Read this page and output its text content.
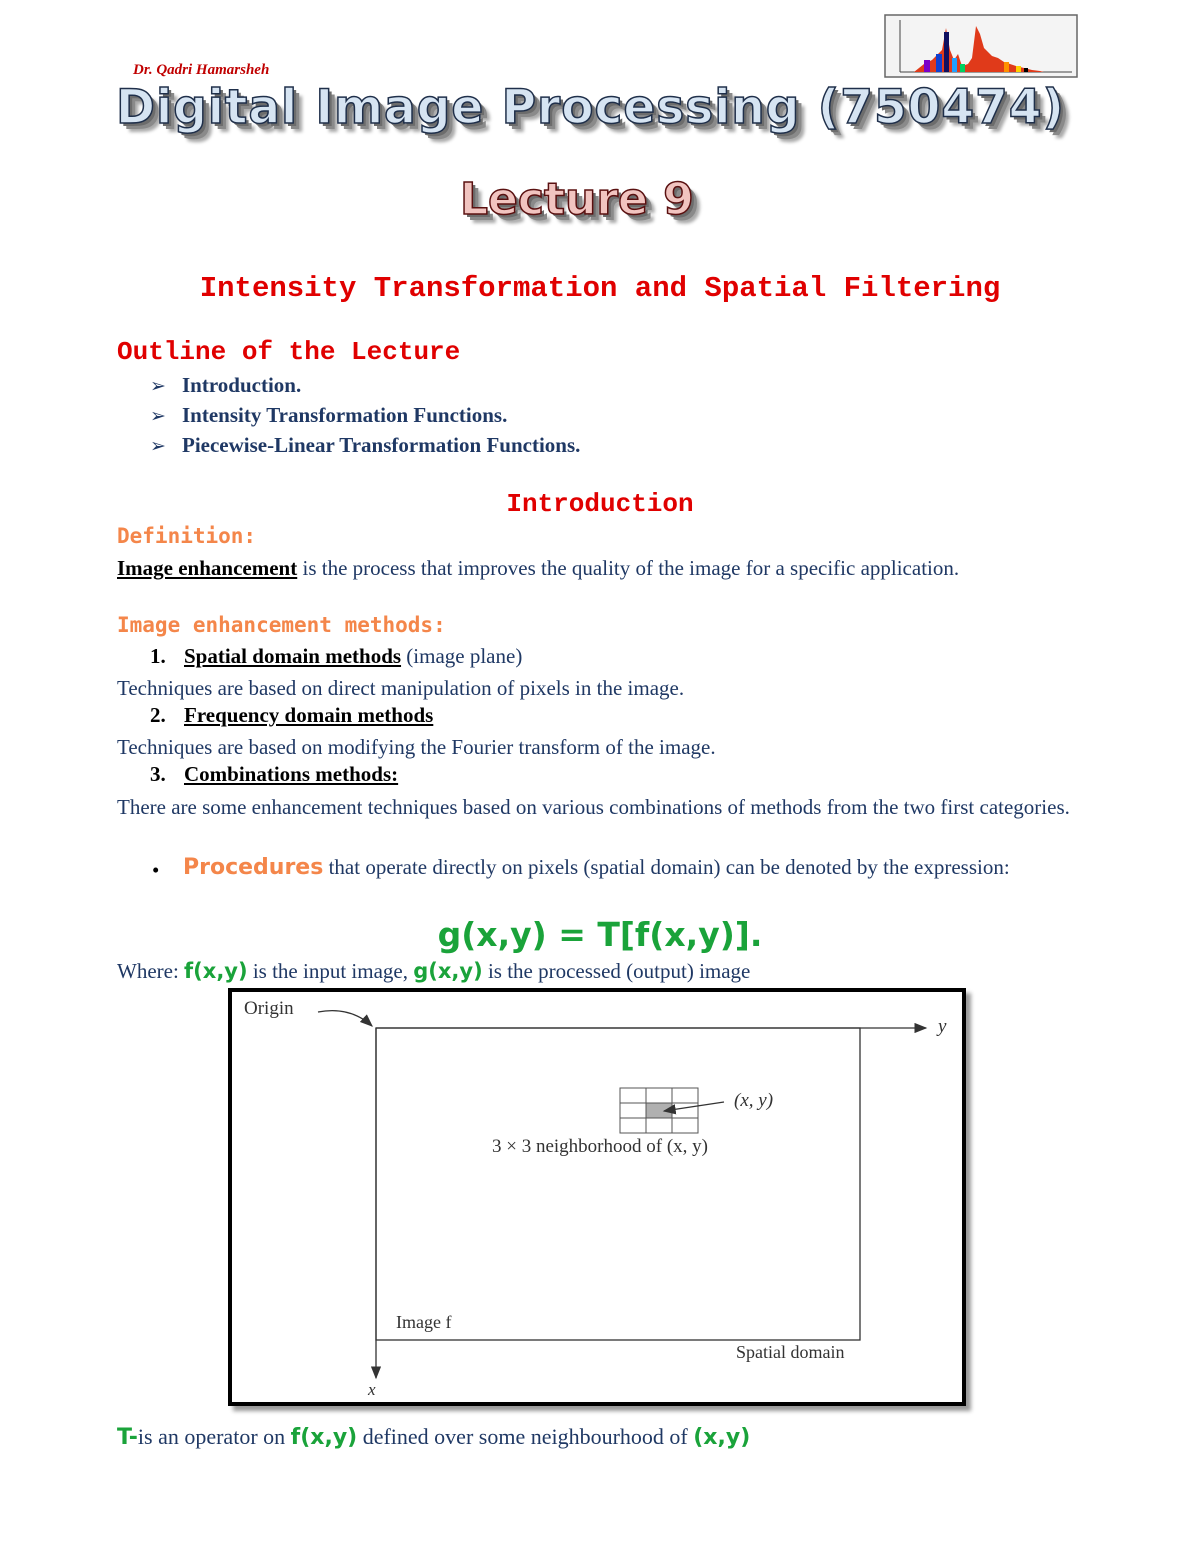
Dr. Qadri Hamarsheh
Digital Image Processing (750474)
Lecture 9
Intensity Transformation and Spatial Filtering
Outline of the Lecture
➢ Introduction.
➢ Intensity Transformation Functions.
➢ Piecewise-Linear Transformation Functions.
Introduction
Definition:
Image enhancement is the process that improves the quality of the image for a specific application.
Image enhancement methods:
1. Spatial domain methods (image plane)
Techniques are based on direct manipulation of pixels in the image.
2. Frequency domain methods
Techniques are based on modifying the Fourier transform of the image.
3. Combinations methods:
There are some enhancement techniques based on various combinations of methods from the two first categories.
• Procedures that operate directly on pixels (spatial domain) can be denoted by the expression:
g(x,y) = T[f(x,y)].
Where: f(x,y) is the input image, g(x,y) is the processed (output) image
Origin
y
x
(x, y)
3 × 3 neighborhood of (x, y)
Image f
Spatial domain
T-is an operator on f(x,y) defined over some neighbourhood of (x,y)
